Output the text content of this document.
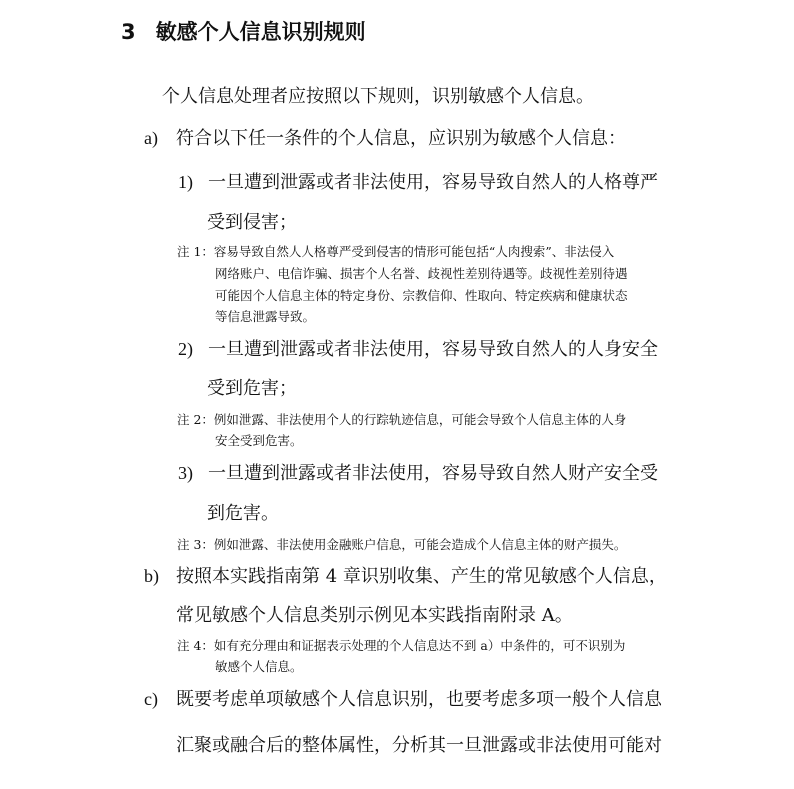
3 敏感个人信息识别规则
个人信息处理者应按照以下规则，识别敏感个人信息。
a) 符合以下任一条件的个人信息，应识别为敏感个人信息：
1) 一旦遭到泄露或者非法使用，容易导致自然人的人格尊严
受到侵害；
注 1：容易导致自然人人格尊严受到侵害的情形可能包括“人肉搜索”、非法侵入
网络账户、电信诈骗、损害个人名誉、歧视性差别待遇等。歧视性差别待遇
可能因个人信息主体的特定身份、宗教信仰、性取向、特定疾病和健康状态
等信息泄露导致。
2) 一旦遭到泄露或者非法使用，容易导致自然人的人身安全
受到危害；
注 2：例如泄露、非法使用个人的行踪轨迹信息，可能会导致个人信息主体的人身
安全受到危害。
3) 一旦遭到泄露或者非法使用，容易导致自然人财产安全受
到危害。
注 3：例如泄露、非法使用金融账户信息，可能会造成个人信息主体的财产损失。
b) 按照本实践指南第 4 章识别收集、产生的常见敏感个人信息，
常见敏感个人信息类别示例见本实践指南附录 A。
注 4：如有充分理由和证据表示处理的个人信息达不到 a）中条件的，可不识别为
敏感个人信息。
c) 既要考虑单项敏感个人信息识别，也要考虑多项一般个人信息
汇聚或融合后的整体属性，分析其一旦泄露或非法使用可能对
